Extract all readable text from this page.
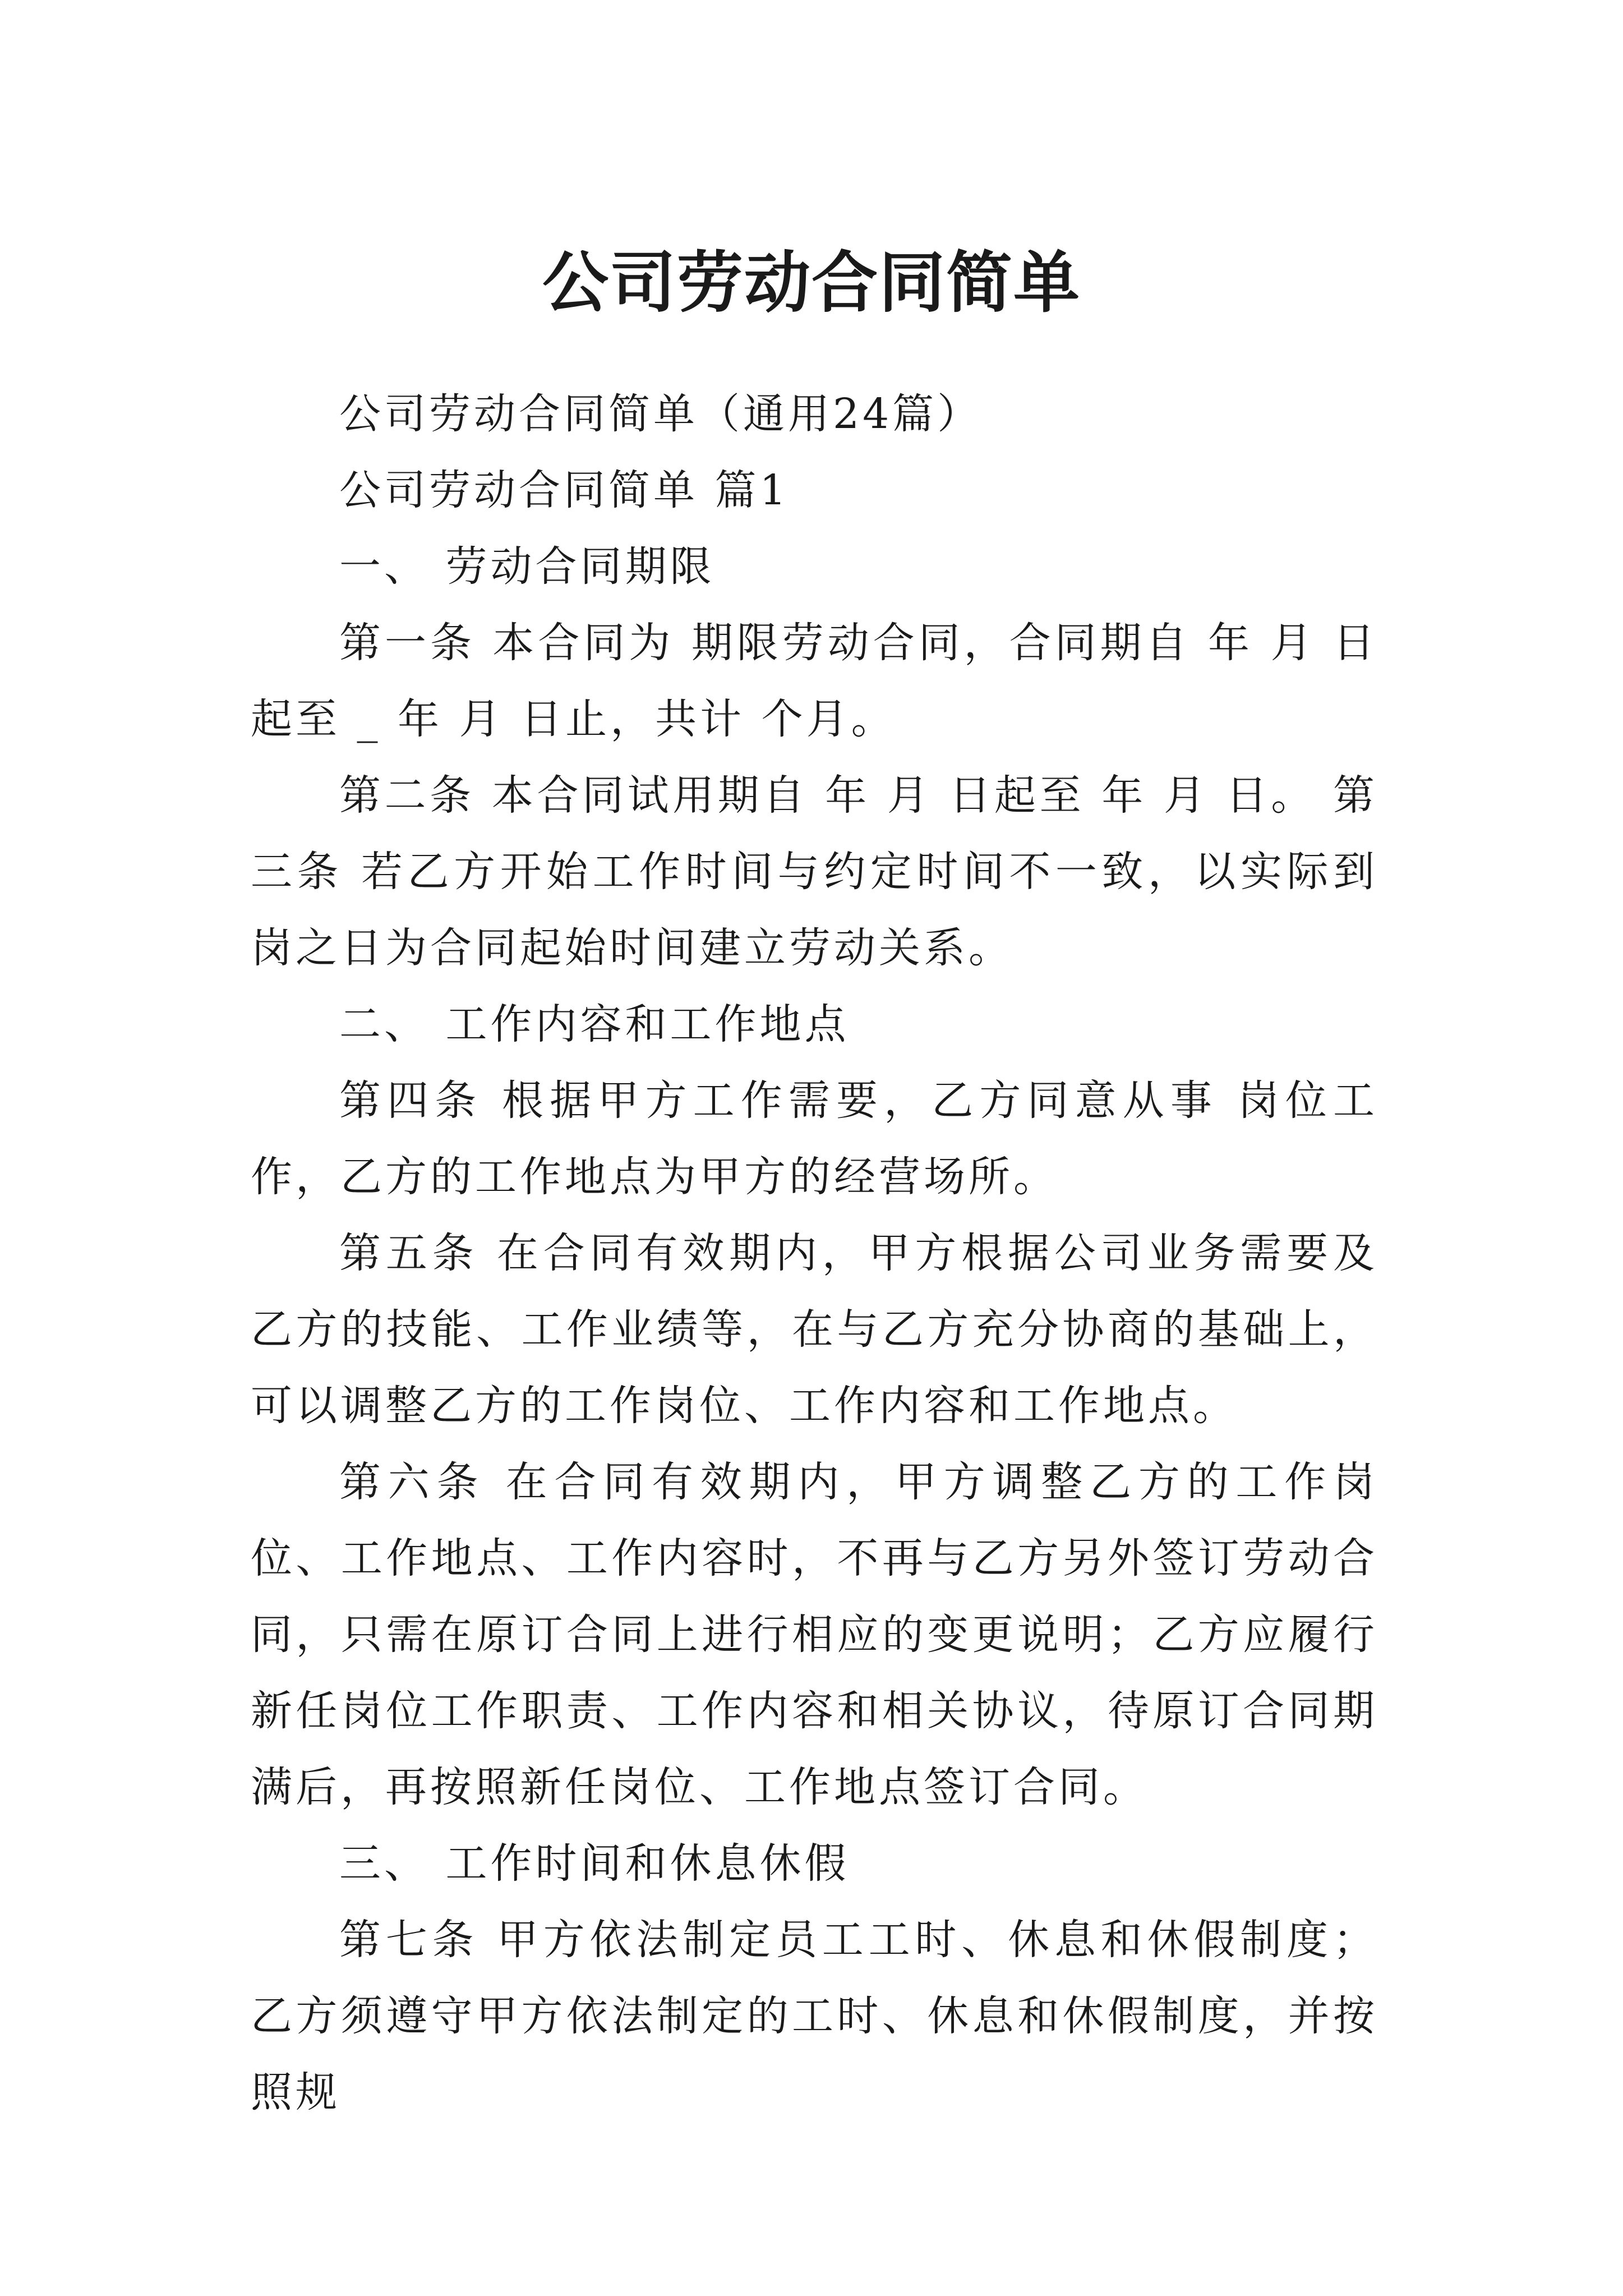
公司劳动合同简单

公司劳动合同简单（通用24篇）

公司劳动合同简单 篇1

一、 劳动合同期限

第一条 本合同为 期限劳动合同，合同期自 年 月 日起至 _ 年 月 日止，共计 个月。

第二条 本合同试用期自 年 月 日起至 年 月 日。 第三条 若乙方开始工作时间与约定时间不一致，以实际到岗之日为合同起始时间建立劳动关系。

二、 工作内容和工作地点

第四条 根据甲方工作需要，乙方同意从事 岗位工作，乙方的工作地点为甲方的经营场所。

第五条 在合同有效期内，甲方根据公司业务需要及乙方的技能、工作业绩等，在与乙方充分协商的基础上，可以调整乙方的工作岗位、工作内容和工作地点。

第六条 在合同有效期内，甲方调整乙方的工作岗位、工作地点、工作内容时，不再与乙方另外签订劳动合同，只需在原订合同上进行相应的变更说明；乙方应履行新任岗位工作职责、工作内容和相关协议，待原订合同期满后，再按照新任岗位、工作地点签订合同。

三、 工作时间和休息休假

第七条 甲方依法制定员工工时、休息和休假制度；乙方须遵守甲方依法制定的工时、休息和休假制度，并按照规
